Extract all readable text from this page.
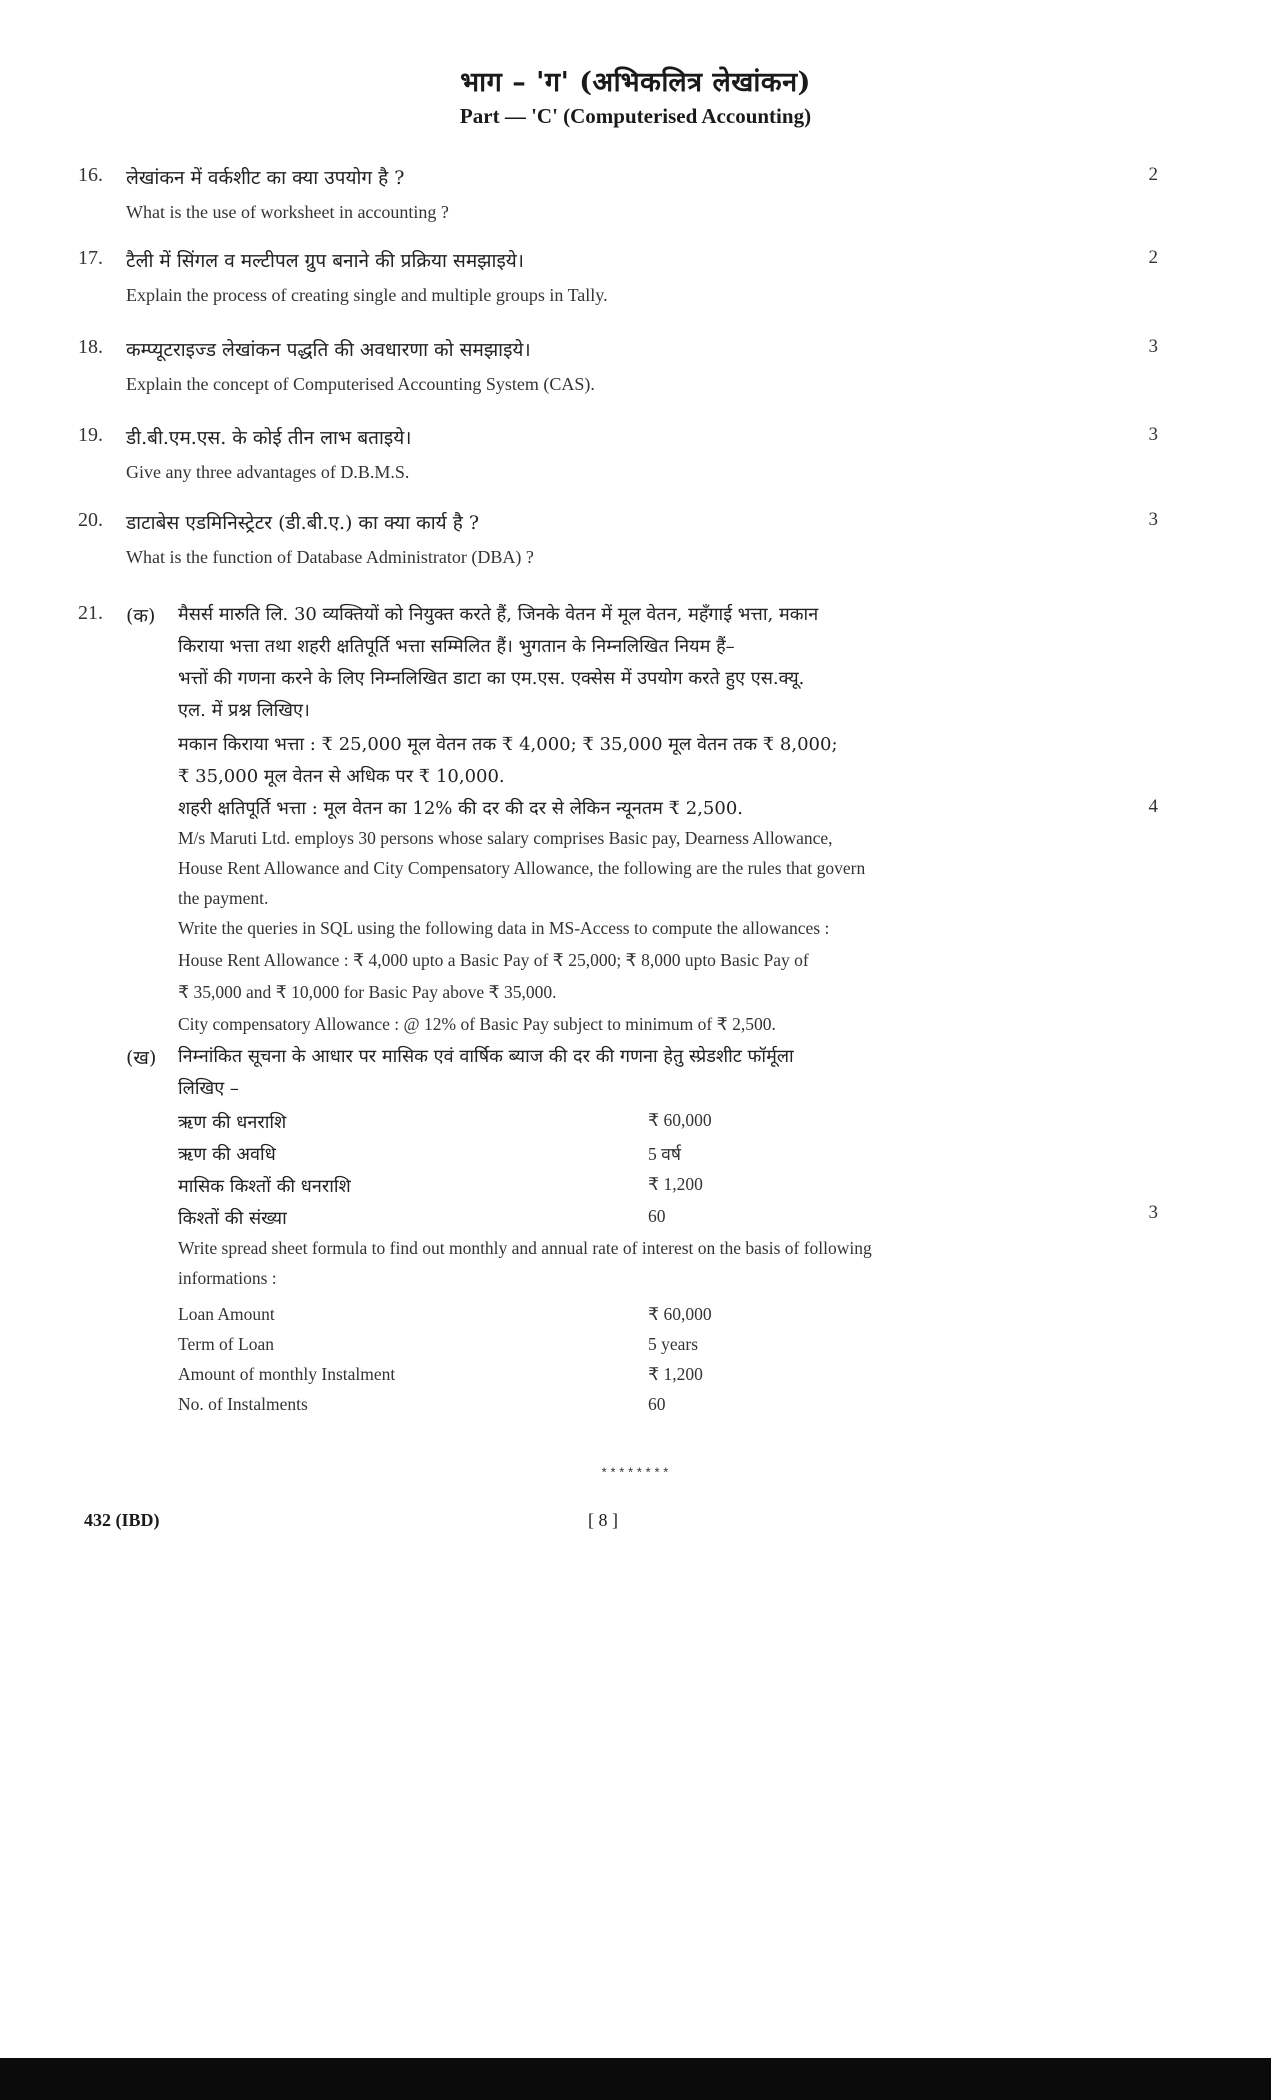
भाग – 'ग' (अभिकलित्र लेखांकन)
Part — 'C' (Computerised Accounting)
16. लेखांकन में वर्कशीट का क्या उपयोग है ?
What is the use of worksheet in accounting ?
2
17. टैली में सिंगल व मल्टीपल ग्रुप बनाने की प्रक्रिया समझाइये।
Explain the process of creating single and multiple groups in Tally.
2
18. कम्प्यूटराइज्ड लेखांकन पद्धति की अवधारणा को समझाइये।
Explain the concept of Computerised Accounting System (CAS).
3
19. डी.बी.एम.एस. के कोई तीन लाभ बताइये।
Give any three advantages of D.B.M.S.
3
20. डाटाबेस एडमिनिस्ट्रेटर (डी.बी.ए.) का क्या कार्य है ?
What is the function of Database Administrator (DBA) ?
3
21. (क) मैसर्स मारुति लि. 30 व्यक्तियों को नियुक्त करते हैं, जिनके वेतन में मूल वेतन, महँगाई भत्ता, मकान
किराया भत्ता तथा शहरी क्षतिपूर्ति भत्ता सम्मिलित हैं। भुगतान के निम्नलिखित नियम हैं–
भत्तों की गणना करने के लिए निम्नलिखित डाटा का एम.एस. एक्सेस में उपयोग करते हुए एस.क्यू.
एल. में प्रश्न लिखिए।
मकान किराया भत्ता : ₹ 25,000 मूल वेतन तक ₹ 4,000; ₹ 35,000 मूल वेतन तक ₹ 8,000;
₹ 35,000 मूल वेतन से अधिक पर ₹ 10,000.
शहरी क्षतिपूर्ति भत्ता : मूल वेतन का 12% की दर की दर से लेकिन न्यूनतम ₹ 2,500.	4
M/s Maruti Ltd. employs 30 persons whose salary comprises Basic pay, Dearness Allowance,
House Rent Allowance and City Compensatory Allowance, the following are the rules that govern
the payment.
Write the queries in SQL using the following data in MS-Access to compute the allowances :
House Rent Allowance : ₹ 4,000 upto a Basic Pay of ₹ 25,000; ₹ 8,000 upto Basic Pay of
₹ 35,000 and ₹ 10,000 for Basic Pay above ₹ 35,000.
City compensatory Allowance : @ 12% of Basic Pay subject to minimum of ₹ 2,500.
(ख) निम्नांकित सूचना के आधार पर मासिक एवं वार्षिक ब्याज की दर की गणना हेतु स्प्रेडशीट फॉर्मूला
लिखिए –
ऋण की धनराशि	₹ 60,000
ऋण की अवधि	5 वर्ष
मासिक किश्तों की धनराशि	₹ 1,200
किश्तों की संख्या	60	3
Write spread sheet formula to find out monthly and annual rate of interest on the basis of following
informations :
Loan Amount	₹ 60,000
Term of Loan	5 years
Amount of monthly Instalment	₹ 1,200
No. of Instalments	60
********
432 (IBD)	[ 8 ]
